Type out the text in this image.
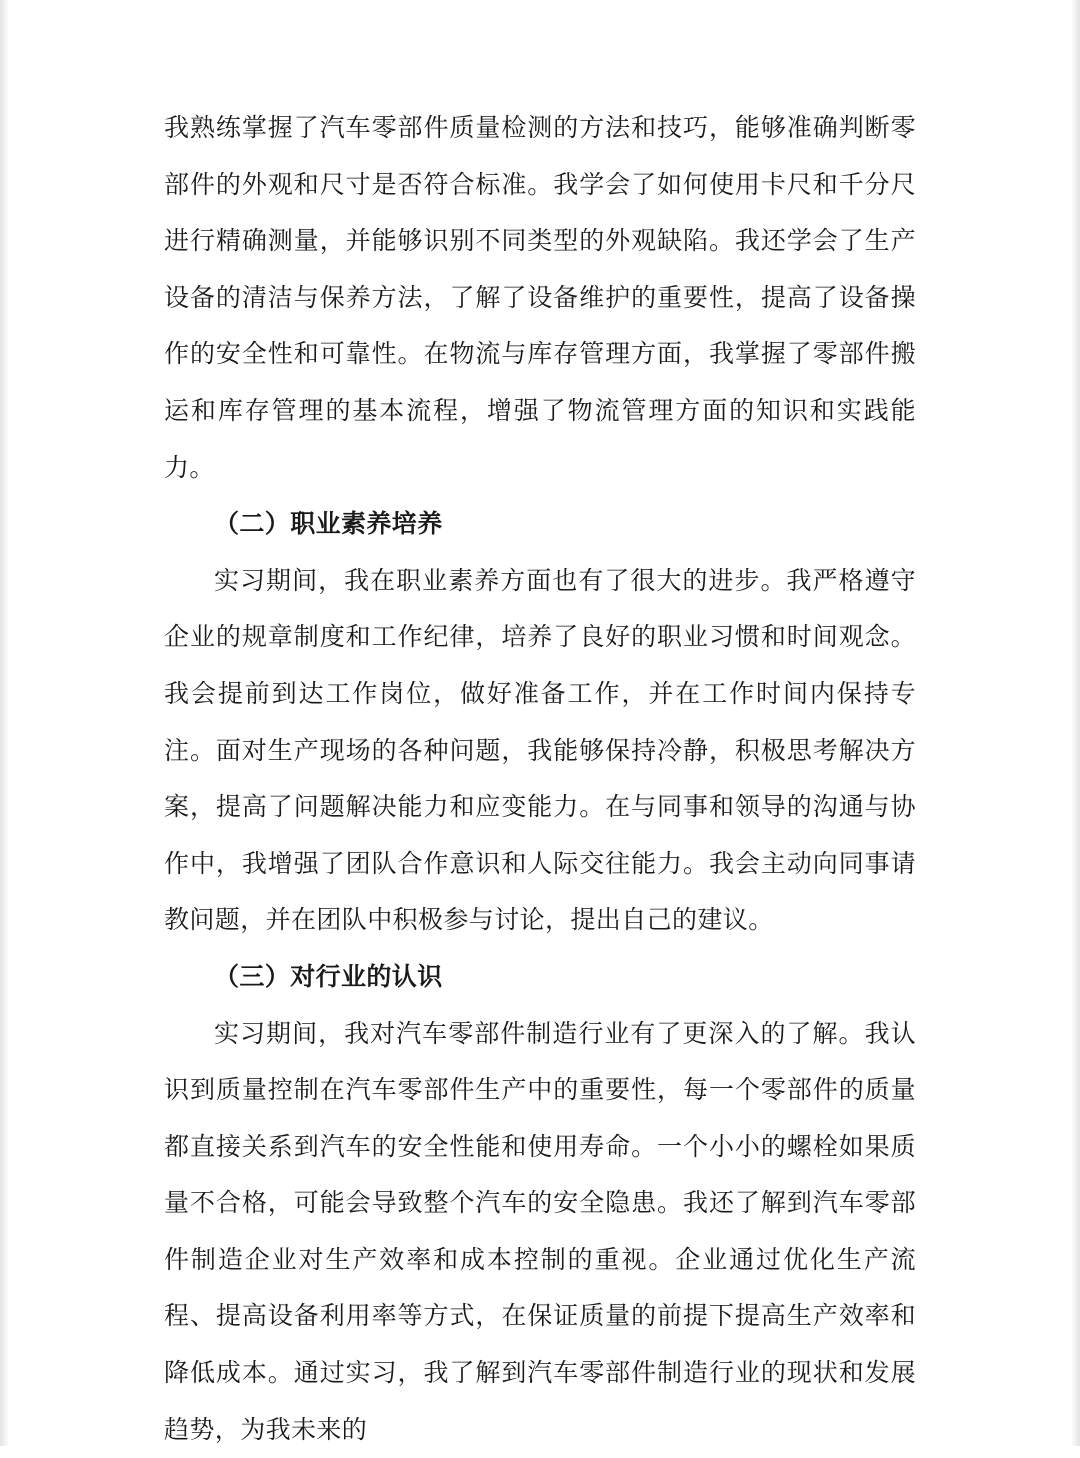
我熟练掌握了汽车零部件质量检测的方法和技巧，能够准确判断零部件的外观和尺寸是否符合标准。我学会了如何使用卡尺和千分尺进行精确测量，并能够识别不同类型的外观缺陷。我还学会了生产设备的清洁与保养方法，了解了设备维护的重要性，提高了设备操作的安全性和可靠性。在物流与库存管理方面，我掌握了零部件搬运和库存管理的基本流程，增强了物流管理方面的知识和实践能力。

（二）职业素养培养

实习期间，我在职业素养方面也有了很大的进步。我严格遵守企业的规章制度和工作纪律，培养了良好的职业习惯和时间观念。我会提前到达工作岗位，做好准备工作，并在工作时间内保持专注。面对生产现场的各种问题，我能够保持冷静，积极思考解决方案，提高了问题解决能力和应变能力。在与同事和领导的沟通与协作中，我增强了团队合作意识和人际交往能力。我会主动向同事请教问题，并在团队中积极参与讨论，提出自己的建议。

（三）对行业的认识

实习期间，我对汽车零部件制造行业有了更深入的了解。我认识到质量控制在汽车零部件生产中的重要性，每一个零部件的质量都直接关系到汽车的安全性能和使用寿命。一个小小的螺栓如果质量不合格，可能会导致整个汽车的安全隐患。我还了解到汽车零部件制造企业对生产效率和成本控制的重视。企业通过优化生产流程、提高设备利用率等方式，在保证质量的前提下提高生产效率和降低成本。通过实习，我了解到汽车零部件制造行业的现状和发展趋势，为我未来的
